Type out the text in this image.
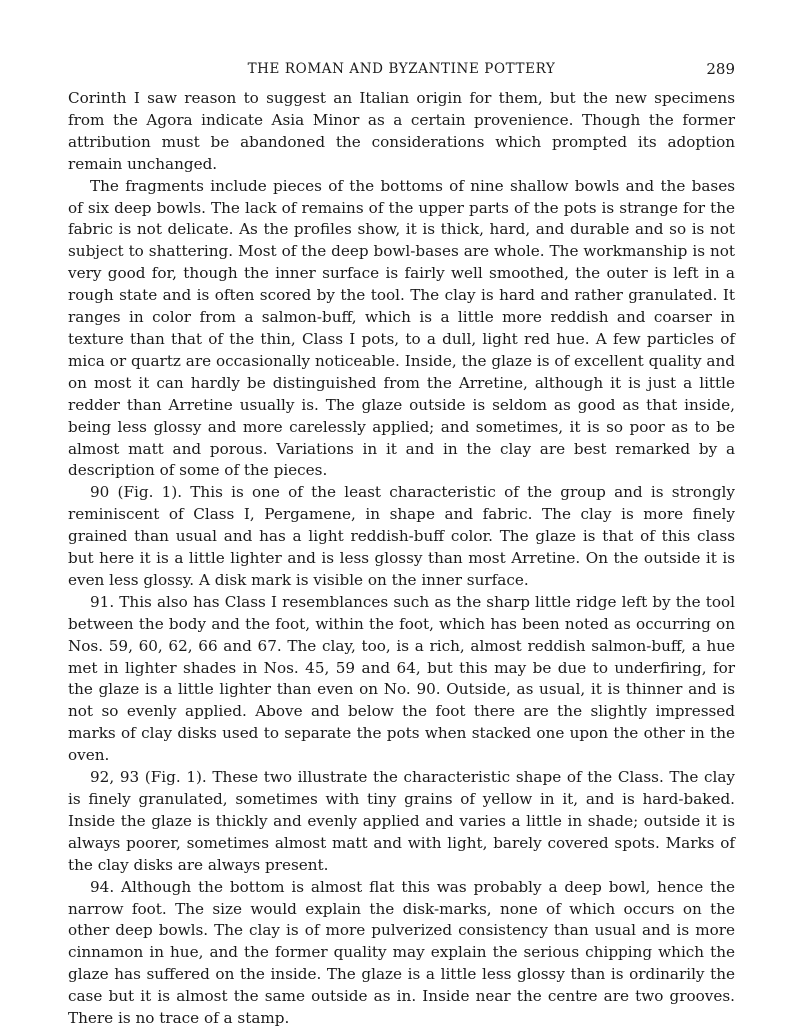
THE ROMAN AND BYZANTINE POTTERY	289

Corinth I saw reason to suggest an Italian origin for them, but the new specimens from the Agora indicate Asia Minor as a certain provenience. Though the former attribution must be abandoned the considerations which prompted its adoption remain unchanged.

The fragments include pieces of the bottoms of nine shallow bowls and the bases of six deep bowls. The lack of remains of the upper parts of the pots is strange for the fabric is not delicate. As the profiles show, it is thick, hard, and durable and so is not subject to shattering. Most of the deep bowl-bases are whole. The workmanship is not very good for, though the inner surface is fairly well smoothed, the outer is left in a rough state and is often scored by the tool. The clay is hard and rather granulated. It ranges in color from a salmon-buff, which is a little more reddish and coarser in texture than that of the thin, Class I pots, to a dull, light red hue. A few particles of mica or quartz are occasionally noticeable. Inside, the glaze is of excellent quality and on most it can hardly be distinguished from the Arretine, although it is just a little redder than Arretine usually is. The glaze outside is seldom as good as that inside, being less glossy and more carelessly applied; and sometimes, it is so poor as to be almost matt and porous. Variations in it and in the clay are best remarked by a description of some of the pieces.

90 (Fig. 1). This is one of the least characteristic of the group and is strongly reminiscent of Class I, Pergamene, in shape and fabric. The clay is more finely grained than usual and has a light reddish-buff color. The glaze is that of this class but here it is a little lighter and is less glossy than most Arretine. On the outside it is even less glossy. A disk mark is visible on the inner surface.

91. This also has Class I resemblances such as the sharp little ridge left by the tool between the body and the foot, within the foot, which has been noted as occurring on Nos. 59, 60, 62, 66 and 67. The clay, too, is a rich, almost reddish salmon-buff, a hue met in lighter shades in Nos. 45, 59 and 64, but this may be due to underfiring, for the glaze is a little lighter than even on No. 90. Outside, as usual, it is thinner and is not so evenly applied. Above and below the foot there are the slightly impressed marks of clay disks used to separate the pots when stacked one upon the other in the oven.

92, 93 (Fig. 1). These two illustrate the characteristic shape of the Class. The clay is finely granulated, sometimes with tiny grains of yellow in it, and is hard-baked. Inside the glaze is thickly and evenly applied and varies a little in shade; outside it is always poorer, sometimes almost matt and with light, barely covered spots. Marks of the clay disks are always present.

94. Although the bottom is almost flat this was probably a deep bowl, hence the narrow foot. The size would explain the disk-marks, none of which occurs on the other deep bowls. The clay is of more pulverized consistency than usual and is more cinnamon in hue, and the former quality may explain the serious chipping which the glaze has suffered on the inside. The glaze is a little less glossy than is ordinarily the case but it is almost the same outside as in. Inside near the centre are two grooves. There is no trace of a stamp.
